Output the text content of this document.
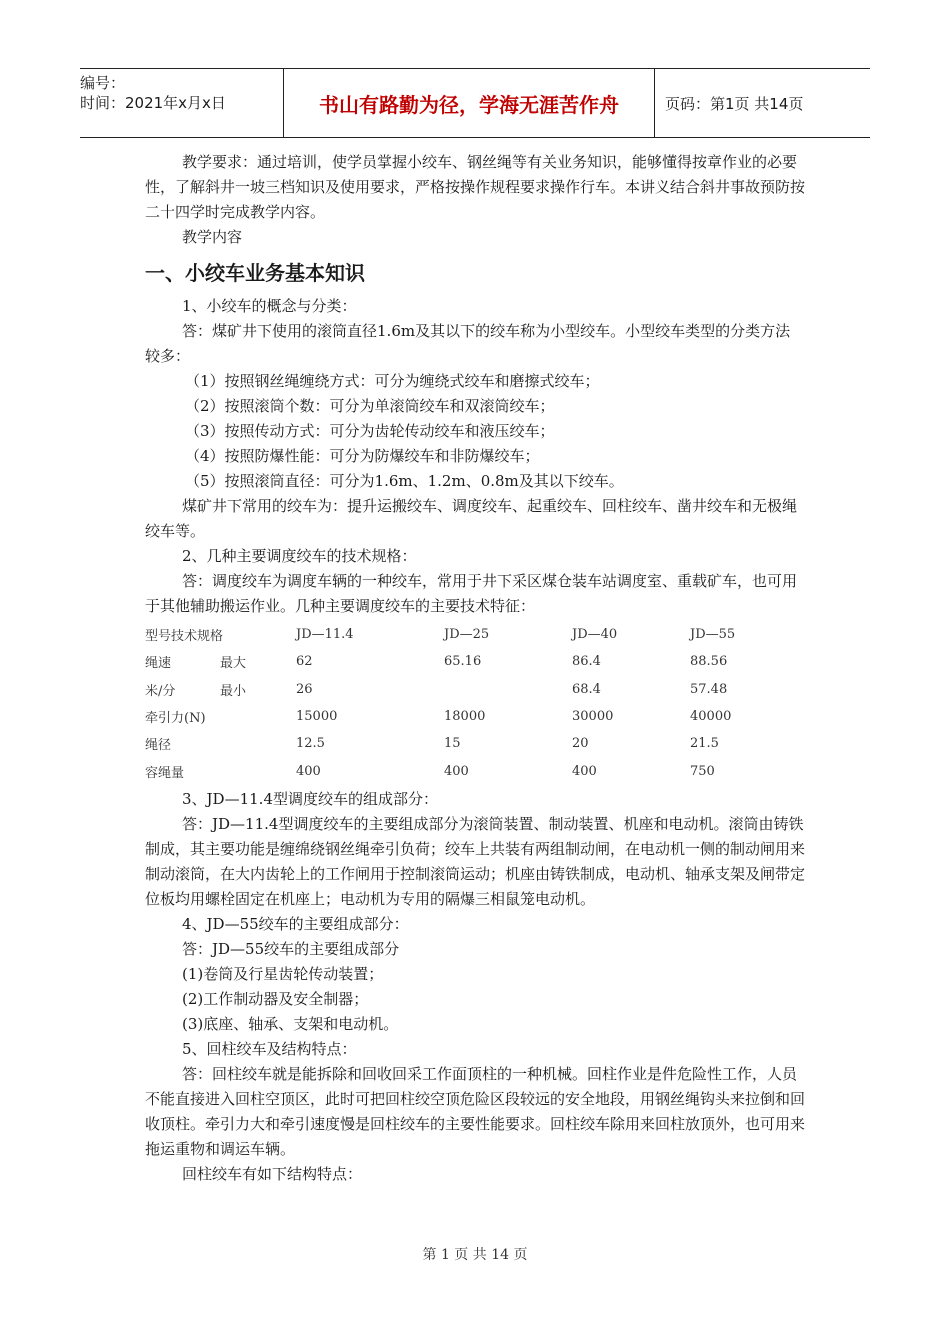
编号：
时间：2021年x月x日	书山有路勤为径，学海无涯苦作舟	页码：第1页 共14页

教学要求：通过培训，使学员掌握小绞车、钢丝绳等有关业务知识，能够懂得按章作业的必要性，了解斜井一坡三档知识及使用要求，严格按操作规程要求操作行车。本讲义结合斜井事故预防按二十四学时完成教学内容。

教学内容

一、小绞车业务基本知识

1、小绞车的概念与分类：

答：煤矿井下使用的滚筒直径1.6m及其以下的绞车称为小型绞车。小型绞车类型的分类方法较多：

（1）按照钢丝绳缠绕方式：可分为缠绕式绞车和磨擦式绞车；

（2）按照滚筒个数：可分为单滚筒绞车和双滚筒绞车；

（3）按照传动方式：可分为齿轮传动绞车和液压绞车；

（4）按照防爆性能：可分为防爆绞车和非防爆绞车；

（5）按照滚筒直径：可分为1.6m、1.2m、0.8m及其以下绞车。

煤矿井下常用的绞车为：提升运搬绞车、调度绞车、起重绞车、回柱绞车、凿井绞车和无极绳绞车等。

2、几种主要调度绞车的技术规格：

答：调度绞车为调度车辆的一种绞车，常用于井下采区煤仓装车站调度室、重载矿车，也可用于其他辅助搬运作业。几种主要调度绞车的主要技术特征：

型号技术规格		JD—11.4	JD—25	JD—40	JD—55
绳速	最大	62	65.16	86.4	88.56
米/分	最小	26		68.4	57.48
牵引力(N)		15000	18000	30000	40000
绳径		12.5	15	20	21.5
容绳量		400	400	400	750

3、JD—11.4型调度绞车的组成部分：

答：JD—11.4型调度绞车的主要组成部分为滚筒装置、制动装置、机座和电动机。滚筒由铸铁制成，其主要功能是缠绵绕钢丝绳牵引负荷；绞车上共装有两组制动闸，在电动机一侧的制动闸用来制动滚筒，在大内齿轮上的工作闸用于控制滚筒运动；机座由铸铁制成，电动机、轴承支架及闸带定位板均用螺栓固定在机座上；电动机为专用的隔爆三相鼠笼电动机。

4、JD—55绞车的主要组成部分：

答：JD—55绞车的主要组成部分

(1)卷筒及行星齿轮传动装置；

(2)工作制动器及安全制器；

(3)底座、轴承、支架和电动机。

5、回柱绞车及结构特点：

答：回柱绞车就是能拆除和回收回采工作面顶柱的一种机械。回柱作业是件危险性工作，人员不能直接进入回柱空顶区，此时可把回柱绞空顶危险区段较远的安全地段，用钢丝绳钩头来拉倒和回收顶柱。牵引力大和牵引速度慢是回柱绞车的主要性能要求。回柱绞车除用来回柱放顶外，也可用来拖运重物和调运车辆。

回柱绞车有如下结构特点：

第 1 页 共 14 页
